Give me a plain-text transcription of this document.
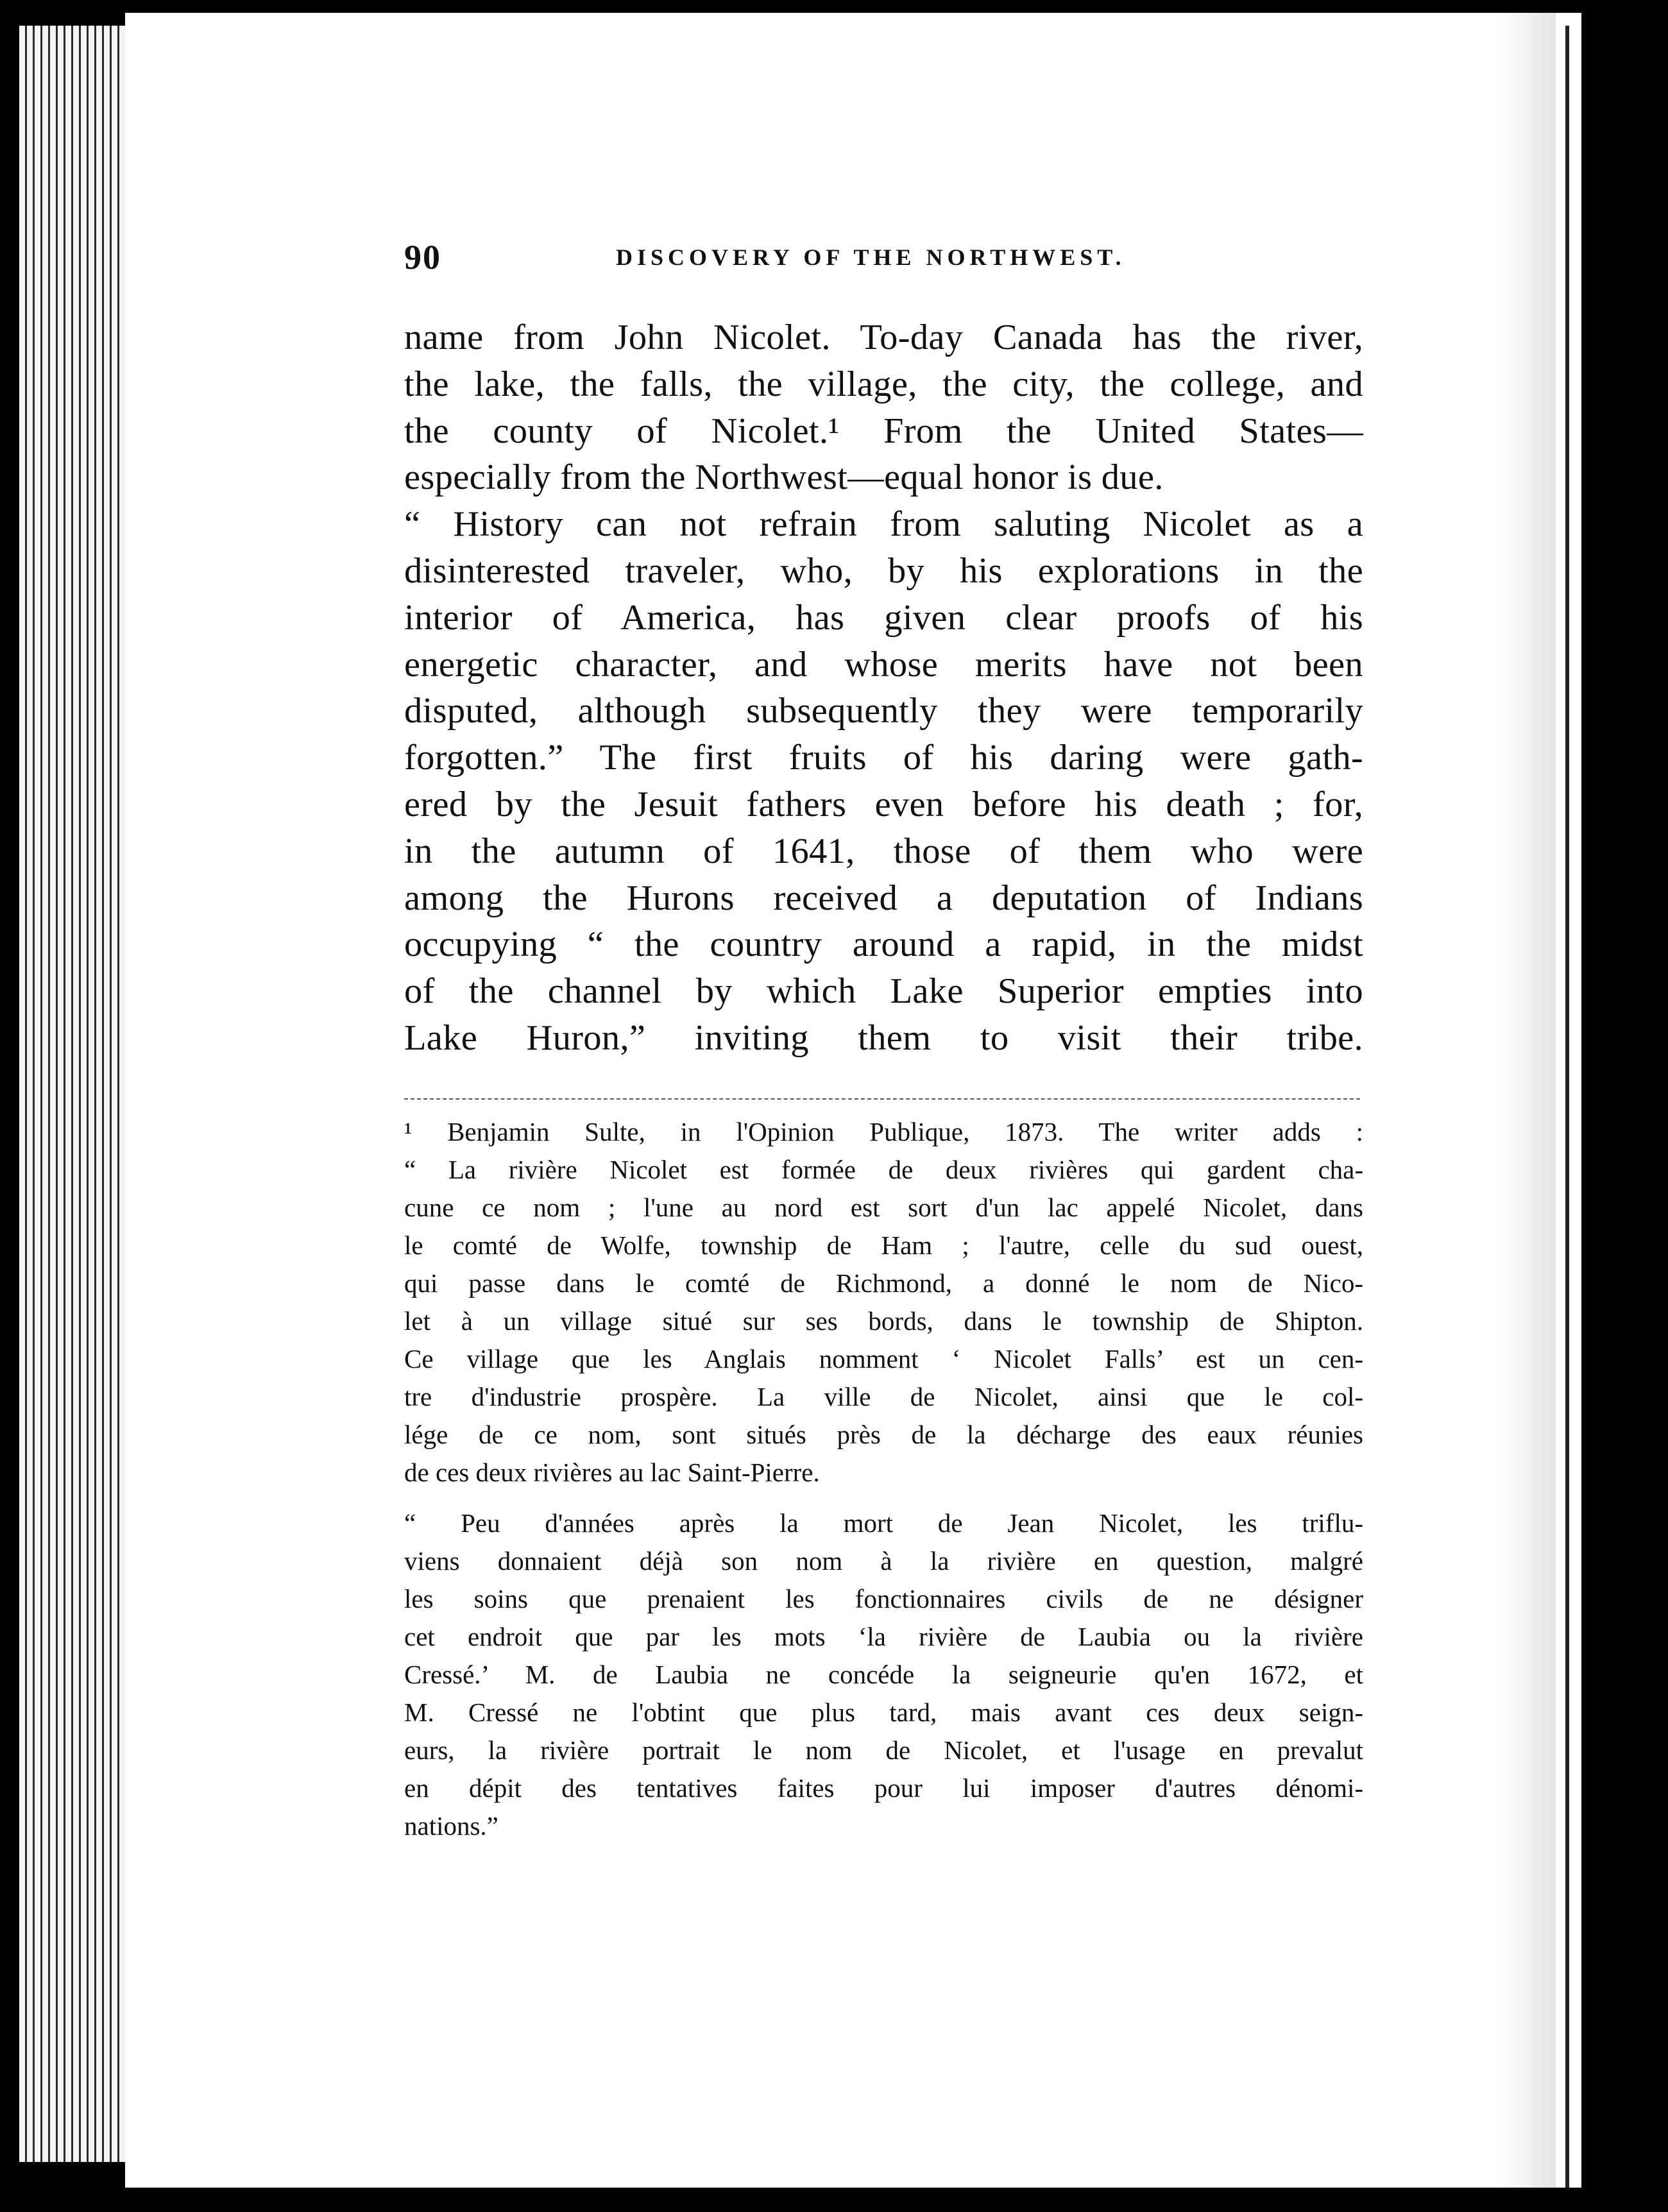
90	DISCOVERY OF THE NORTHWEST.
name from John Nicolet. To-day Canada has the river,
the lake, the falls, the village, the city, the college, and
the county of Nicolet.¹ From the United States—
especially from the Northwest—equal honor is due.
“ History can not refrain from saluting Nicolet as a
disinterested traveler, who, by his explorations in the
interior of America, has given clear proofs of his
energetic character, and whose merits have not been
disputed, although subsequently they were temporarily
forgotten.” The first fruits of his daring were gath-
ered by the Jesuit fathers even before his death ; for,
in the autumn of 1641, those of them who were
among the Hurons received a deputation of Indians
occupying “ the country around a rapid, in the midst
of the channel by which Lake Superior empties into
Lake Huron,” inviting them to visit their tribe.
¹ Benjamin Sulte, in l'Opinion Publique, 1873. The writer adds :
“ La rivière Nicolet est formée de deux rivières qui gardent cha-
cune ce nom ; l'une au nord est sort d'un lac appelé Nicolet, dans
le comté de Wolfe, township de Ham ; l'autre, celle du sud ouest,
qui passe dans le comté de Richmond, a donné le nom de Nico-
let à un village situé sur ses bords, dans le township de Shipton.
Ce village que les Anglais nomment ‘ Nicolet Falls’ est un cen-
tre d'industrie prospère. La ville de Nicolet, ainsi que le col-
lége de ce nom, sont situés près de la décharge des eaux réunies
de ces deux rivières au lac Saint-Pierre.
“ Peu d'années après la mort de Jean Nicolet, les triflu-
viens donnaient déjà son nom à la rivière en question, malgré
les soins que prenaient les fonctionnaires civils de ne désigner
cet endroit que par les mots ‘la rivière de Laubia ou la rivière
Cressé.’ M. de Laubia ne concéde la seigneurie qu'en 1672, et
M. Cressé ne l'obtint que plus tard, mais avant ces deux seign-
eurs, la rivière portrait le nom de Nicolet, et l'usage en prevalut
en dépit des tentatives faites pour lui imposer d'autres dénomi-
nations.”
